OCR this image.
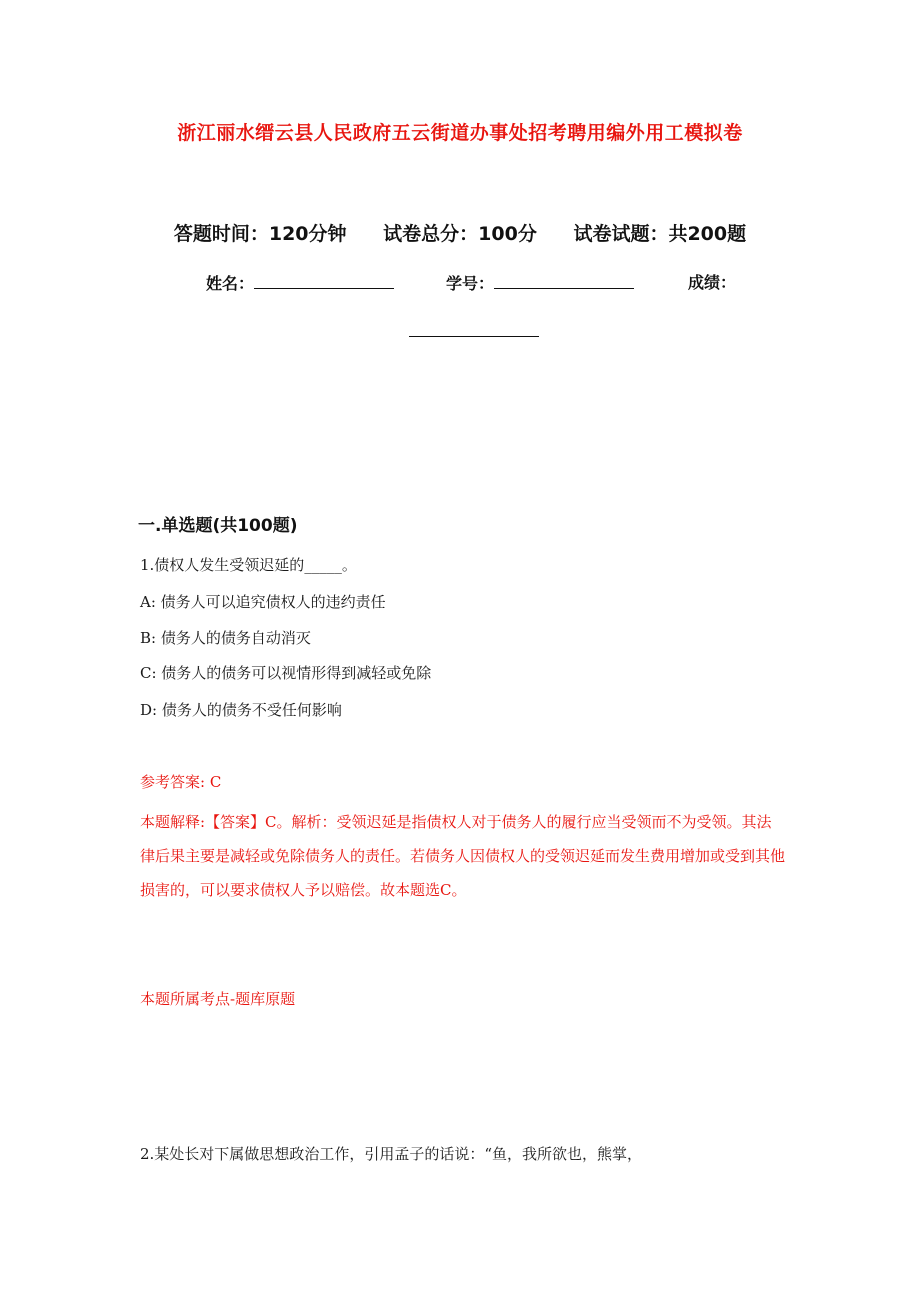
浙江丽水缙云县人民政府五云街道办事处招考聘用编外用工模拟卷
答题时间：120分钟 试卷总分：100分 试卷试题：共200题
姓名：	学号：	成绩：
一.单选题(共100题)
1.债权人发生受领迟延的_____。
A: 债务人可以追究债权人的违约责任
B: 债务人的债务自动消灭
C: 债务人的债务可以视情形得到减轻或免除
D: 债务人的债务不受任何影响
参考答案: C
本题解释:【答案】C。解析：受领迟延是指债权人对于债务人的履行应当受领而不为受领。其法律后果主要是减轻或免除债务人的责任。若债务人因债权人的受领迟延而发生费用增加或受到其他损害的，可以要求债权人予以赔偿。故本题选C。
本题所属考点-题库原题
2.某处长对下属做思想政治工作，引用孟子的话说：“鱼，我所欲也，熊掌，
